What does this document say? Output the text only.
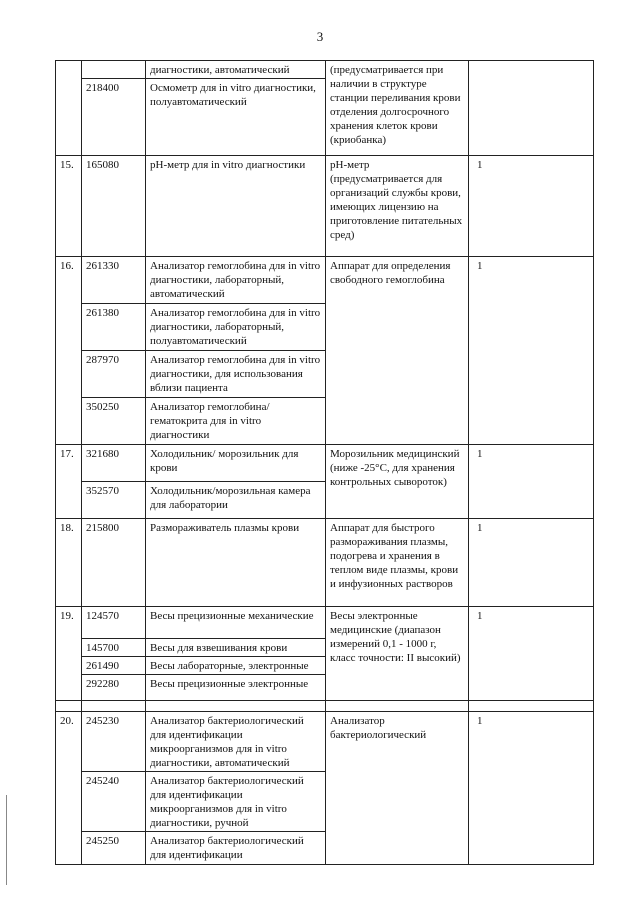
3
		диагностики, автоматический	(предусматривается при наличии в структуре станции переливания крови отделения долгосрочного хранения клеток крови (криобанка)	
	218400	Осмометр для in vitro диагностики, полуавтоматический		
15.	165080	pH-метр для in vitro диагностики	pH-метр (предусматривается для организаций службы крови, имеющих лицензию на приготовление питательных сред)	1
16.	261330	Анализатор гемоглобина для in vitro диагностики, лабораторный, автоматический	Аппарат для определения свободного гемоглобина	1
	261380	Анализатор гемоглобина для in vitro диагностики, лабораторный, полуавтоматический		
	287970	Анализатор гемоглобина для in vitro диагностики, для использования вблизи пациента		
	350250	Анализатор гемоглобина/гематокрита для in vitro диагностики		
17.	321680	Холодильник/ морозильник для крови	Морозильник медицинский (ниже -25°С, для хранения контрольных сывороток)	1
	352570	Холодильник/морозильная камера для лаборатории		
18.	215800	Размораживатель плазмы крови	Аппарат для быстрого размораживания плазмы, подогрева и хранения в теплом виде плазмы, крови и инфузионных растворов	1
19.	124570	Весы прецизионные механические	Весы электронные медицинские (диапазон измерений 0,1 - 1000 г, класс точности: II высокий)	1
	145700	Весы для взвешивания крови		
	261490	Весы лабораторные, электронные		
	292280	Весы прецизионные электронные		

20.	245230	Анализатор бактериологический для идентификации микроорганизмов для in vitro диагностики, автоматический	Анализатор бактериологический	1
	245240	Анализатор бактериологический для идентификации микроорганизмов для in vitro диагностики, ручной		
	245250	Анализатор бактериологический для идентификации		
